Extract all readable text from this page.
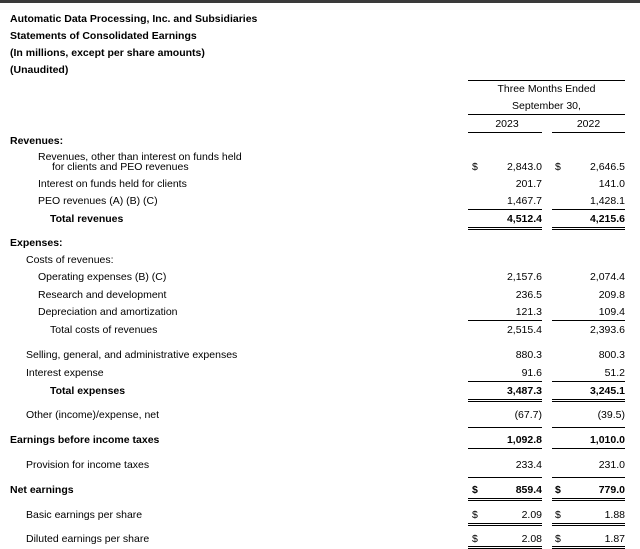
Automatic Data Processing, Inc. and Subsidiaries
Statements of Consolidated Earnings
(In millions, except per share amounts)
(Unaudited)
Three Months Ended
September 30,
2023	2022
Revenues:
Revenues, other than interest on funds held
for clients and PEO revenues	$	2,843.0 $	2,646.5
Interest on funds held for clients	201.7	141.0
PEO revenues (A) (B) (C)	1,467.7	1,428.1
Total revenues	4,512.4	4,215.6
Expenses:
Costs of revenues:
Operating expenses (B) (C)	2,157.6	2,074.4
Research and development	236.5	209.8
Depreciation and amortization	121.3	109.4
Total costs of revenues	2,515.4	2,393.6
Selling, general, and administrative expenses	880.3	800.3
Interest expense	91.6	51.2
Total expenses	3,487.3	3,245.1
Other (income)/expense, net	(67.7)	(39.5)
Earnings before income taxes	1,092.8	1,010.0
Provision for income taxes	233.4	231.0
Net earnings	$	859.4 $	779.0
Basic earnings per share	$	2.09 $	1.88
Diluted earnings per share	$	2.08 $	1.87
